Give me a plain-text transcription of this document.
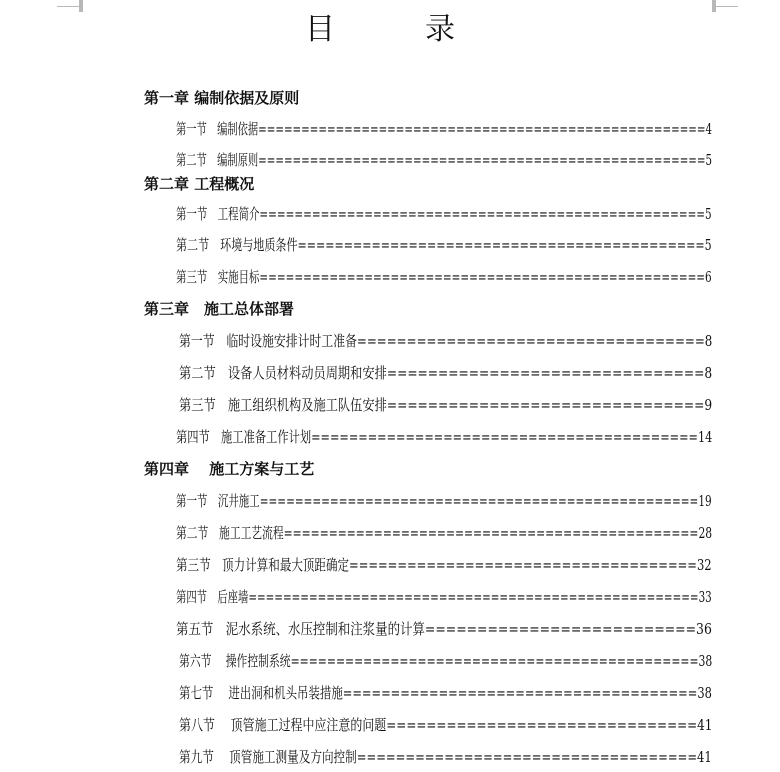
目　录
第一章 编制依据及原则
第一节　编制依据====================================================4
第二节　编制原则====================================================5
第二章 工程概况
第一节　工程简介===================================================5
第二节　环境与地质条件============================================5
第三节　实施目标===================================================6
第三章　施工总体部署
第一节　临时设施安排计时工准备===================================8
第二节　设备人员材料动员周期和安排===============================8
第三节　施工组织机构及施工队伍安排===============================9
第四节　施工准备工作计划=========================================14
第四章　 施工方案与工艺
第一节　沉井施工==================================================19
第二节　施工工艺流程==============================================28
第三节　顶力计算和最大顶距确定====================================32
第四节　后座墙====================================================33
第五节　泥水系统、水压控制和注浆量的计算==========================36
第六节　 操作控制系统=============================================38
第七节　 进出洞和机头吊装措施=====================================38
第八节　 顶管施工过程中应注意的问题===============================41
第九节　 顶管施工测量及方向控制===================================41
